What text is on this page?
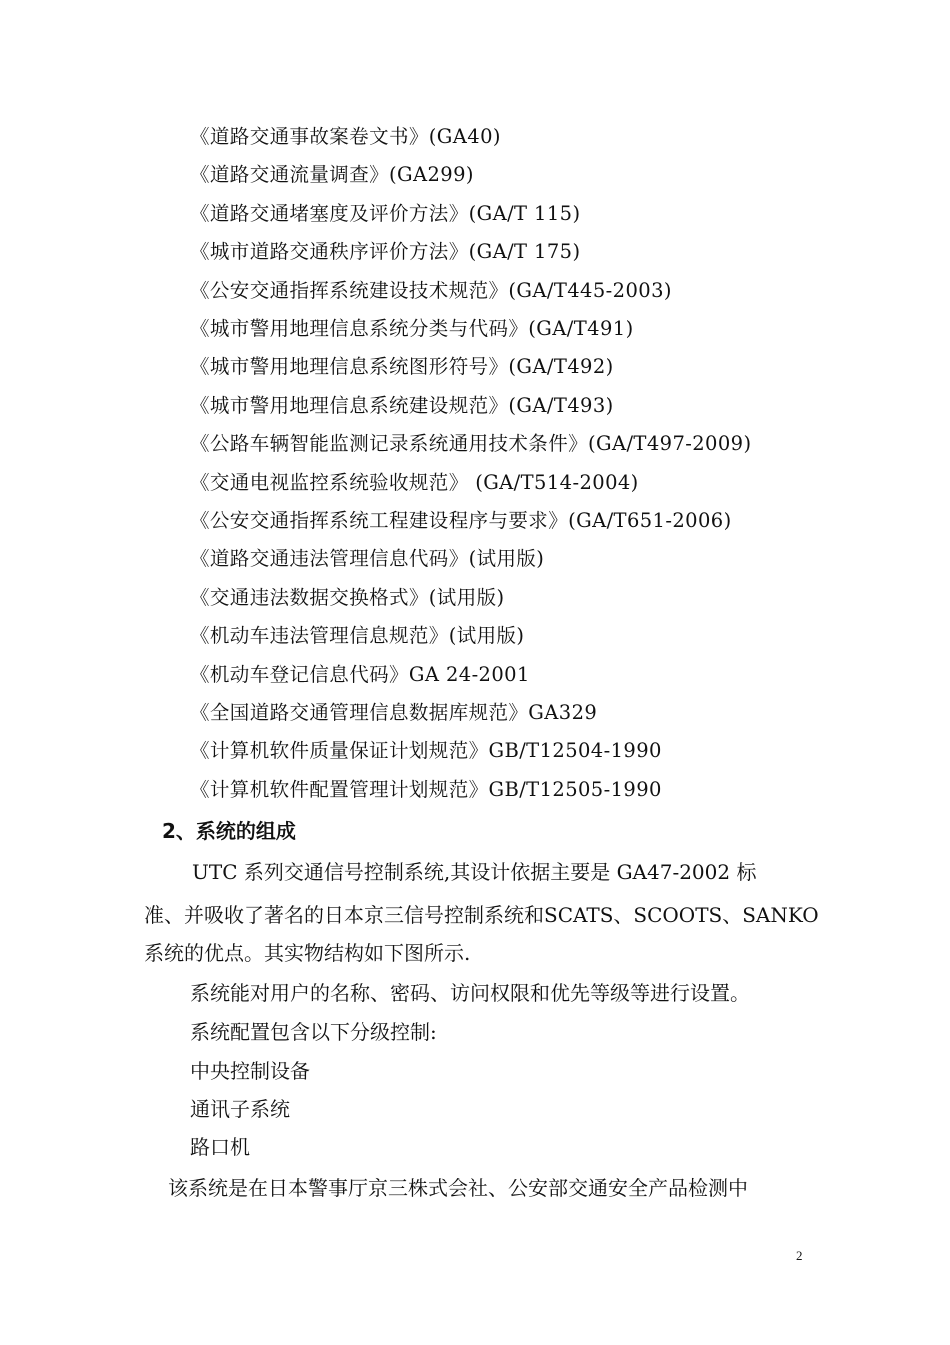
《道路交通事故案卷文书》(GA40)
《道路交通流量调查》(GA299)
《道路交通堵塞度及评价方法》(GA/T 115)
《城市道路交通秩序评价方法》(GA/T 175)
《公安交通指挥系统建设技术规范》(GA/T445-2003)
《城市警用地理信息系统分类与代码》(GA/T491)
《城市警用地理信息系统图形符号》(GA/T492)
《城市警用地理信息系统建设规范》(GA/T493)
《公路车辆智能监测记录系统通用技术条件》(GA/T497-2009)
《交通电视监控系统验收规范》 (GA/T514-2004)
《公安交通指挥系统工程建设程序与要求》(GA/T651-2006)
《道路交通违法管理信息代码》(试用版)
《交通违法数据交换格式》(试用版)
《机动车违法管理信息规范》(试用版)
《机动车登记信息代码》GA 24-2001
《全国道路交通管理信息数据库规范》GA329
《计算机软件质量保证计划规范》GB/T12504-1990
《计算机软件配置管理计划规范》GB/T12505-1990
2、系统的组成
UTC 系列交通信号控制系统,其设计依据主要是 GA47-2002 标
准、并吸收了著名的日本京三信号控制系统和SCATS、SCOOTS、SANKO
系统的优点。其实物结构如下图所示.
系统能对用户的名称、密码、访问权限和优先等级等进行设置。
系统配置包含以下分级控制:
中央控制设备
通讯子系统
路口机
该系统是在日本警事厅京三株式会社、公安部交通安全产品检测中
2
